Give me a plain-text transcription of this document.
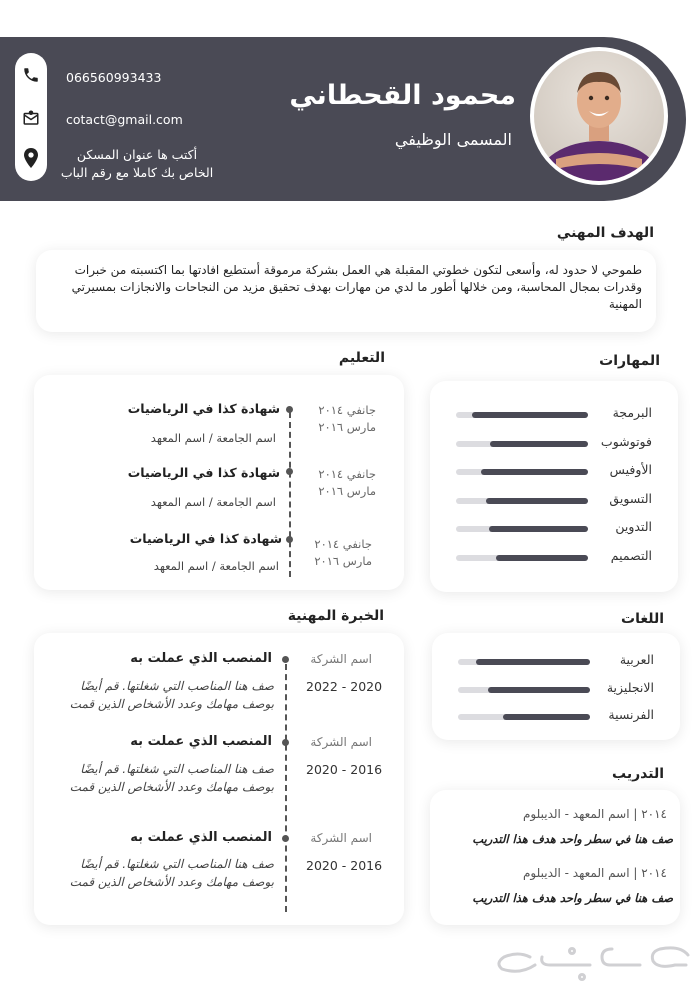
محمود القحطاني
المسمى الوظيفي
066560993433
cotact@gmail.com
أكتب ها عنوان المسكن الخاص بك كاملا مع رقم الباب
الهدف المهني
طموحي لا حدود له، وأسعى لتكون خطوتي المقبلة هي العمل بشركة مرموقة أستطيع افادتها بما اكتسبته من خبرات وقدرات بمجال المحاسبة، ومن خلالها أطور ما لدي من مهارات بهدف تحقيق مزيد من النجاحات والانجازات بمسيرتي المهنية
المهارات
البرمجة
فوتوشوب
الأوفيس
التسويق
التدوين
التصميم
اللغات
العربية
الانجليزية
الفرنسية
التدريب
٢٠١٤ | اسم المعهد - الديبلوم
صف هنا في سطر واحد هدف هذا التدريب
٢٠١٤ | اسم المعهد - الديبلوم
صف هنا في سطر واحد هدف هذا التدريب
التعليم
جانفي ٢٠١٤
مارس ٢٠١٦
شهادة كذا في الرياضيات
اسم الجامعة / اسم المعهد
جانفي ٢٠١٤
مارس ٢٠١٦
شهادة كذا في الرياضيات
اسم الجامعة / اسم المعهد
جانفي ٢٠١٤
مارس ٢٠١٦
شهادة كذا في الرياضيات
اسم الجامعة / اسم المعهد
الخبرة المهنية
اسم الشركة
2022 - 2020
المنصب الذي عملت به
صف هنا المناصب التي شغلتها. قم أيضًا بوصف مهامك وعدد الأشخاص الذين قمت
اسم الشركة
2020 - 2016
المنصب الذي عملت به
صف هنا المناصب التي شغلتها. قم أيضًا بوصف مهامك وعدد الأشخاص الذين قمت
اسم الشركة
2020 - 2016
المنصب الذي عملت به
صف هنا المناصب التي شغلتها. قم أيضًا بوصف مهامك وعدد الأشخاص الذين قمت
